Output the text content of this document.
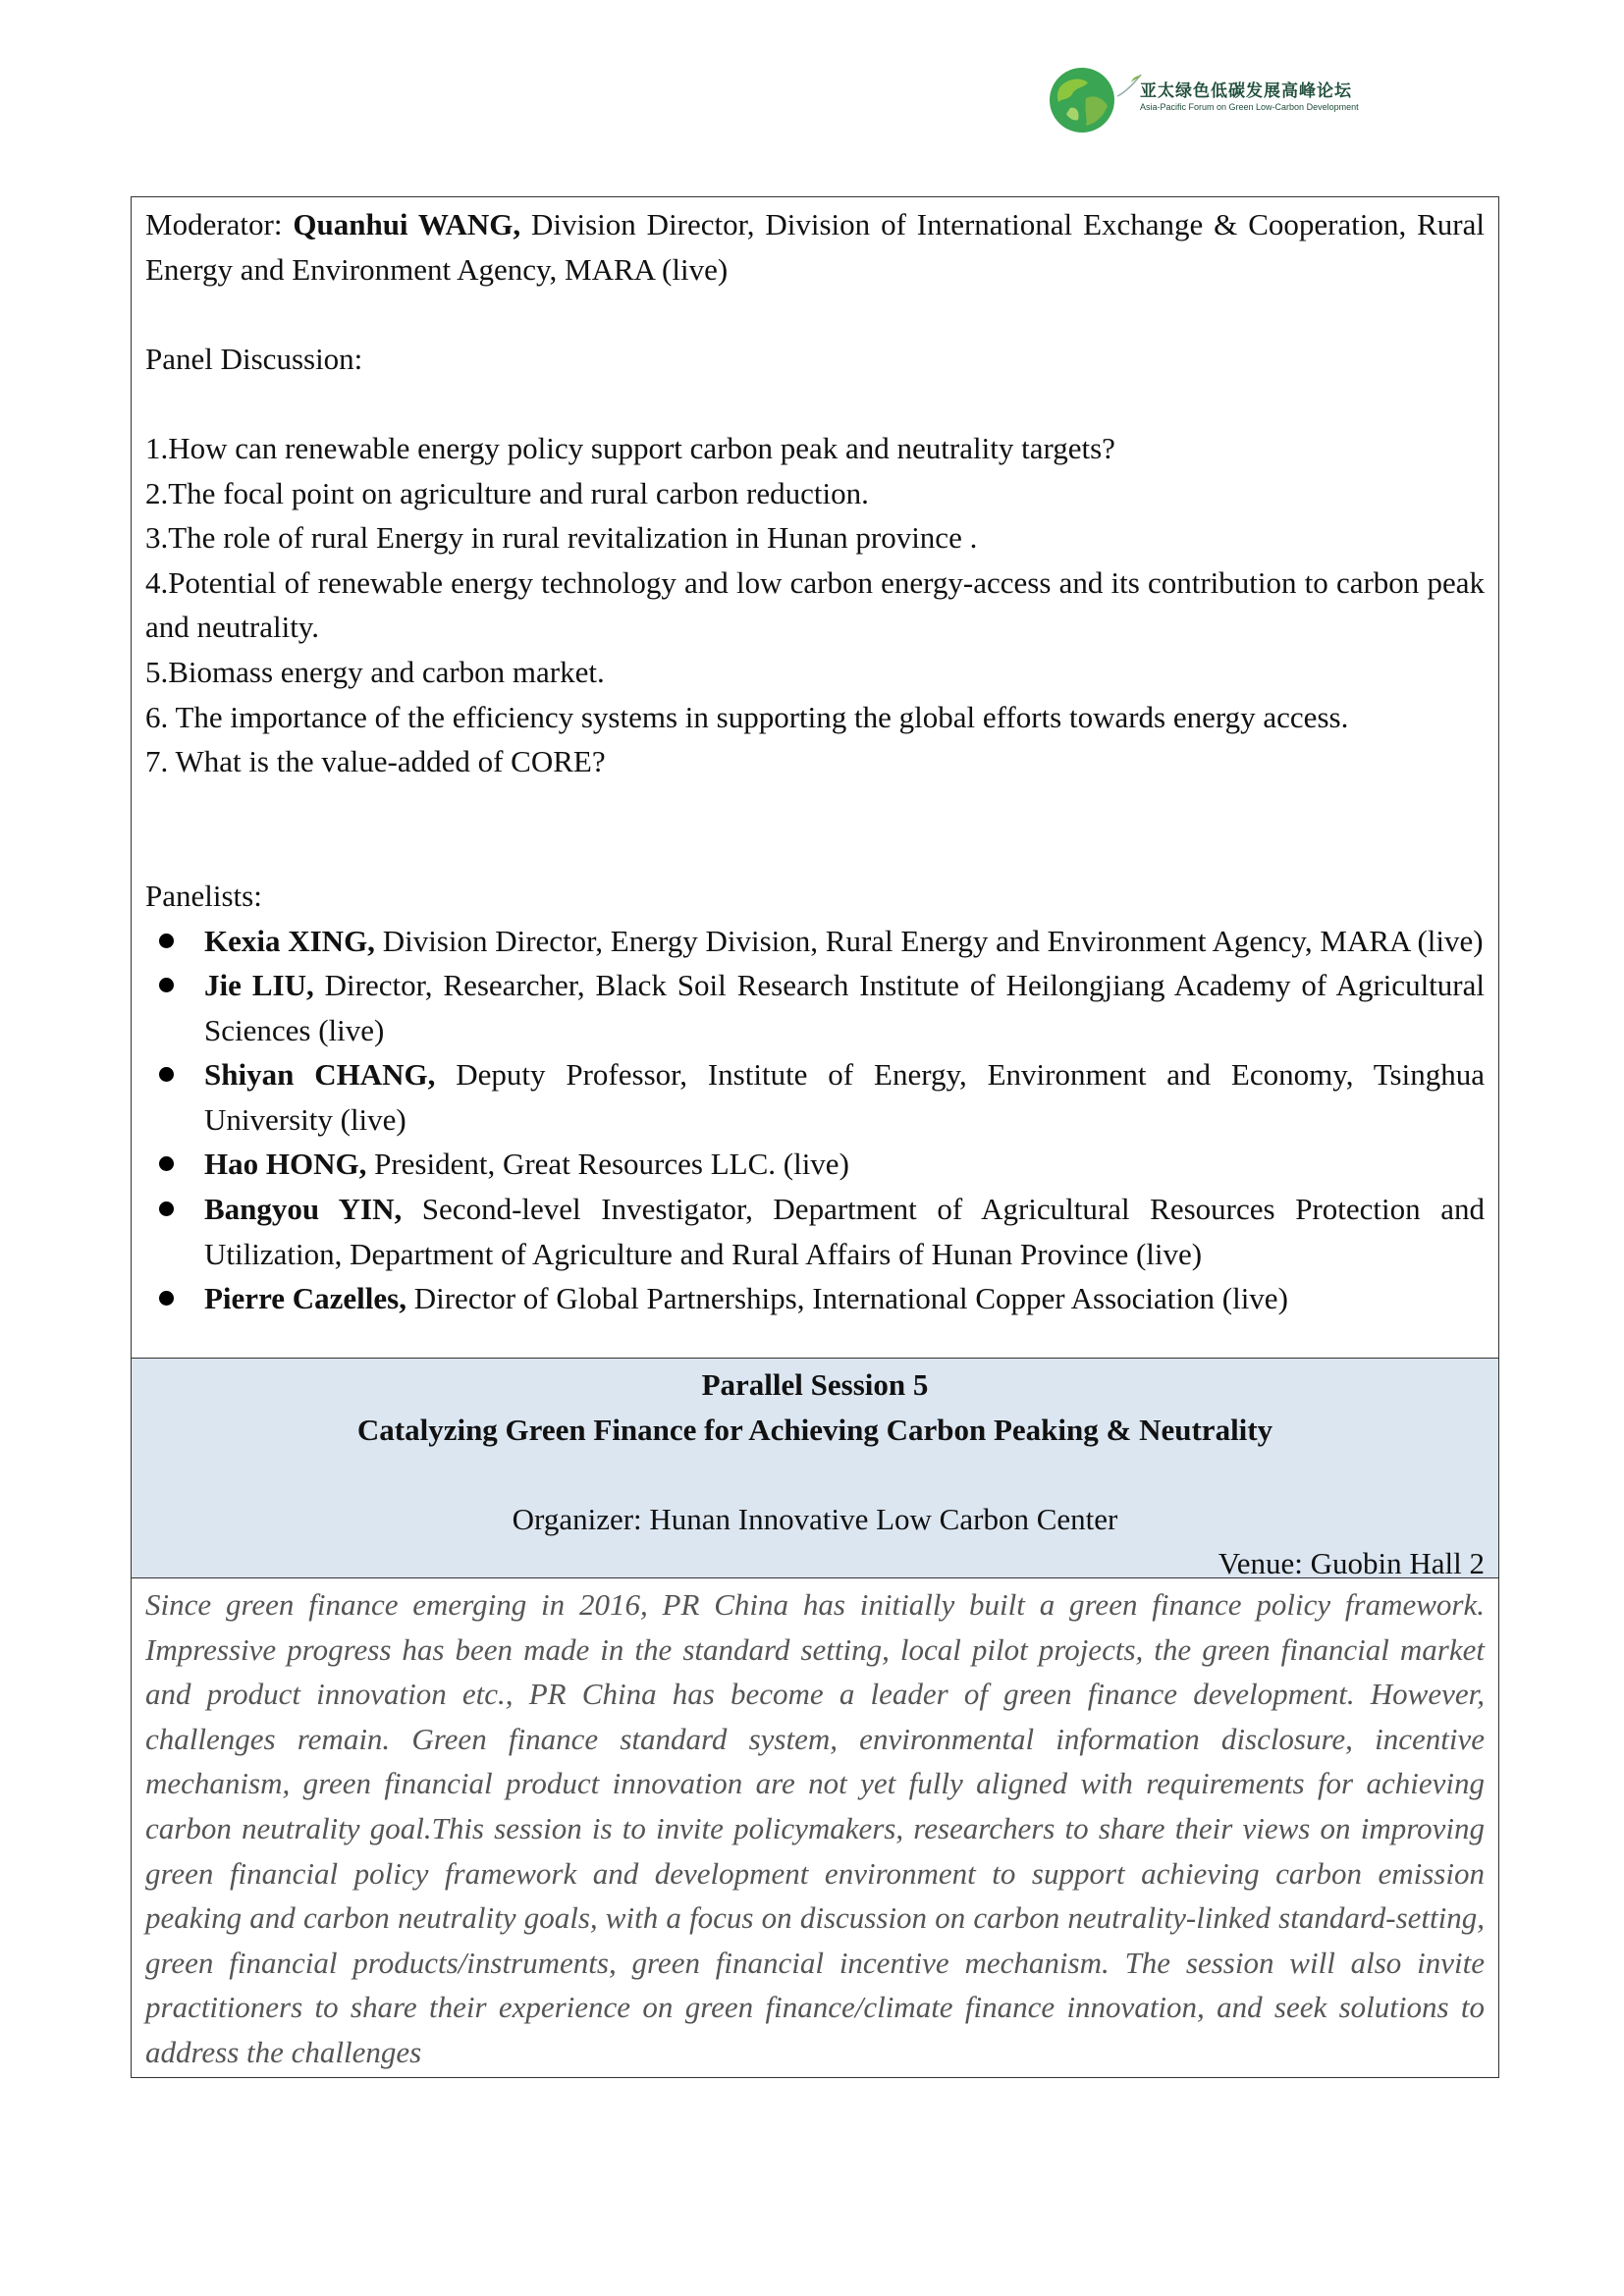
亚太绿色低碳发展高峰论坛
Asia-Pacific Forum on Green Low-Carbon Development

Moderator: Quanhui WANG, Division Director, Division of International Exchange & Cooperation, Rural Energy and Environment Agency, MARA (live)

Panel Discussion:

1.How can renewable energy policy support carbon peak and neutrality targets?

2.The focal point on agriculture and rural carbon reduction.

3.The role of rural Energy in rural revitalization in Hunan province .

4.Potential of renewable energy technology and low carbon energy-access and its contribution to carbon peak and neutrality.

5.Biomass energy and carbon market.

6. The importance of the efficiency systems in supporting the global efforts towards energy access.

7. What is the value-added of CORE?

Panelists:

Kexia XING, Division Director, Energy Division, Rural Energy and Environment Agency, MARA (live)
Jie LIU, Director, Researcher, Black Soil Research Institute of Heilongjiang Academy of Agricultural Sciences (live)
Shiyan CHANG, Deputy Professor, Institute of Energy, Environment and Economy, Tsinghua University (live)
Hao HONG, President, Great Resources LLC. (live)
Bangyou YIN, Second-level Investigator, Department of Agricultural Resources Protection and Utilization, Department of Agriculture and Rural Affairs of Hunan Province (live)
Pierre Cazelles, Director of Global Partnerships, International Copper Association (live)
Parallel Session 5
Catalyzing Green Finance for Achieving Carbon Peaking & Neutrality
Organizer: Hunan Innovative Low Carbon Center
Venue: Guobin Hall 2
Since green finance emerging in 2016, PR China has initially built a green finance policy framework. Impressive progress has been made in the standard setting, local pilot projects, the green financial market and product innovation etc., PR China has become a leader of green finance development. However, challenges remain. Green finance standard system, environmental information disclosure, incentive mechanism, green financial product innovation are not yet fully aligned with requirements for achieving carbon neutrality goal.This session is to invite policymakers, researchers to share their views on improving green financial policy framework and development environment to support achieving carbon emission peaking and carbon neutrality goals, with a focus on discussion on carbon neutrality-linked standard-setting, green financial products/instruments, green financial incentive mechanism. The session will also invite practitioners to share their experience on green finance/climate finance innovation, and seek solutions to address the challenges
